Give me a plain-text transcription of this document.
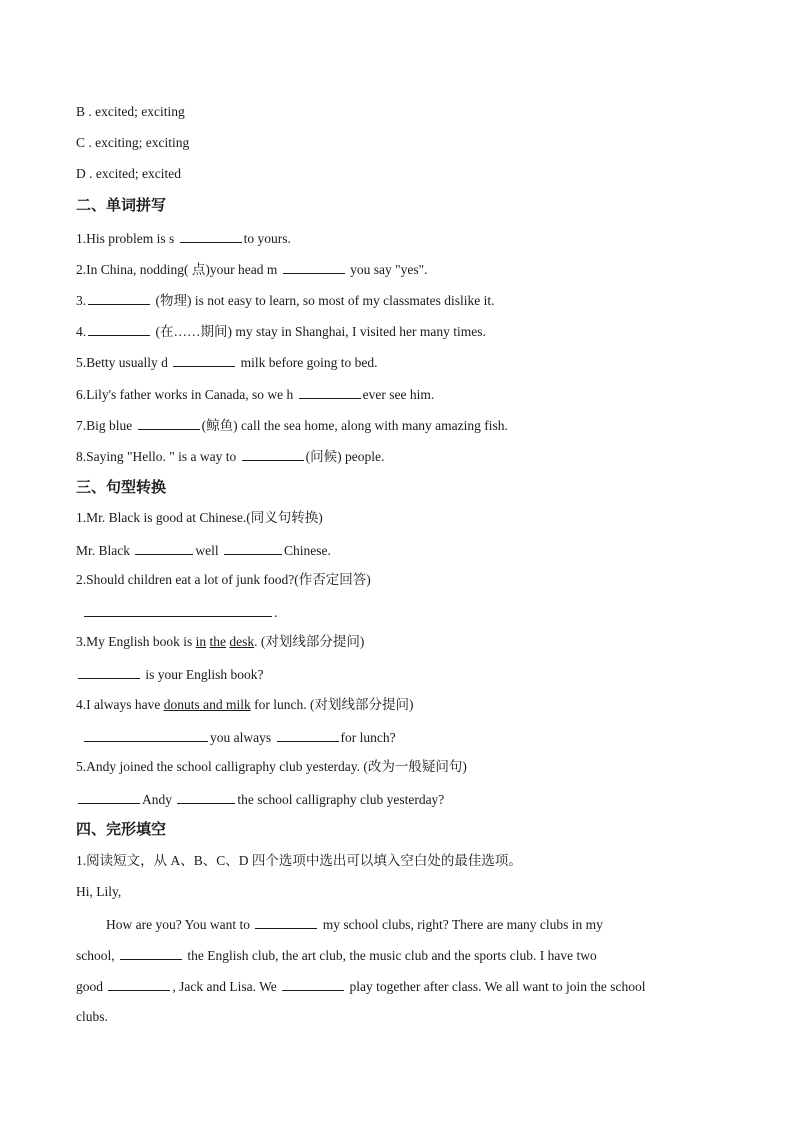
B . excited; exciting
C . exciting; exciting
D . excited; excited
二、单词拼写
1.His problem is s	to yours.
2.In China, nodding( 点)your head m	you say "yes".
3.	(物理) is not easy to learn, so most of my classmates dislike it.
4.	(在……期间) my stay in Shanghai, I visited her many times.
5.Betty usually d	milk before going to bed.
6.Lily's father works in Canada, so we h	ever see him.
7.Big blue	(鲸鱼) call the sea home, along with many amazing fish.
8.Saying "Hello. " is a way to	(问候) people.
三、句型转换
1.Mr. Black is good at Chinese.(同义句转换)
Mr. Black	well	Chinese.
2.Should children eat a lot of junk food?(作否定回答)
.
3.My English book is in the desk. (对划线部分提问)
is your English book?
4.I always have donuts and milk for lunch. (对划线部分提问)
you always	for lunch?
5.Andy joined the school calligraphy club yesterday. (改为一般疑问句)
Andy	the school calligraphy club yesterday?
四、完形填空
1.阅读短文，从 A、B、C、D 四个选项中选出可以填入空白处的最佳选项。
Hi, Lily,
How are you? You want to	my school clubs, right? There are many clubs in my
school,	the English club, the art club, the music club and the sports club. I have two
good	, Jack and Lisa. We	play together after class. We all want to join the school
clubs.
